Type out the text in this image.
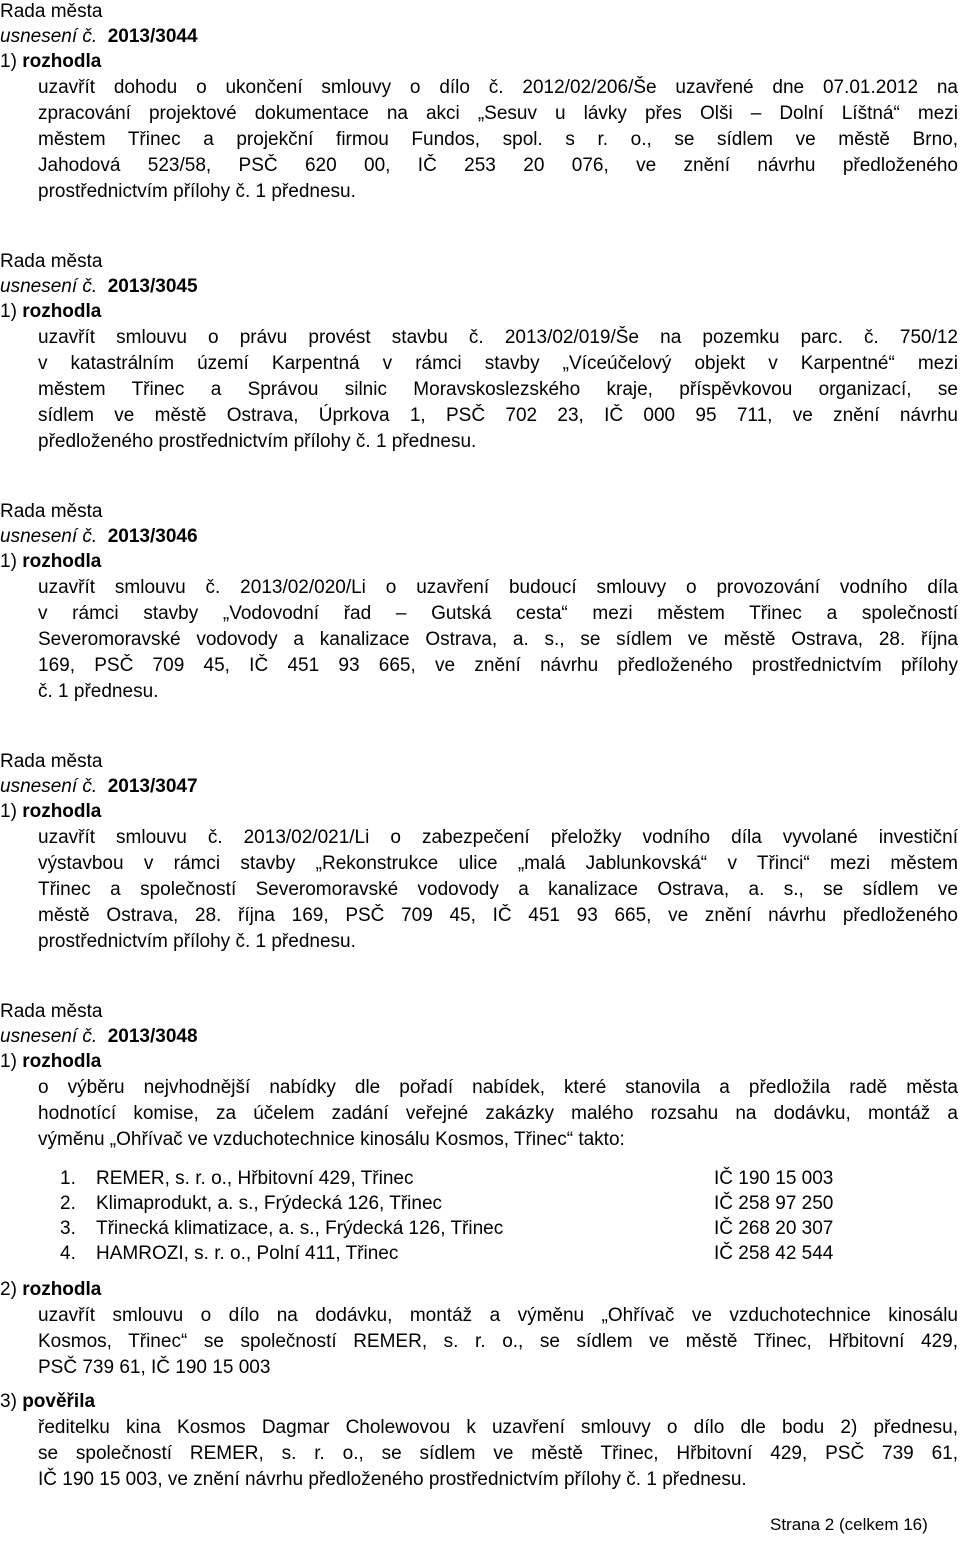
Rada města
usnesení č. 2013/3044
1) rozhodla
uzavřít dohodu o ukončení smlouvy o dílo č. 2012/02/206/Še uzavřené dne 07.01.2012 na
zpracování projektové dokumentace na akci „Sesuv u lávky přes Olši – Dolní Líštná“ mezi
městem Třinec a projekční firmou Fundos, spol. s r. o., se sídlem ve městě Brno,
Jahodová 523/58, PSČ 620 00, IČ 253 20 076, ve znění návrhu předloženého
prostřednictvím přílohy č. 1 přednesu.
Rada města
usnesení č. 2013/3045
1) rozhodla
uzavřít smlouvu o právu provést stavbu č. 2013/02/019/Še na pozemku parc. č. 750/12
v katastrálním území Karpentná v rámci stavby „Víceúčelový objekt v Karpentné“ mezi
městem Třinec a Správou silnic Moravskoslezského kraje, příspěvkovou organizací, se
sídlem ve městě Ostrava, Úprkova 1, PSČ 702 23, IČ 000 95 711, ve znění návrhu
předloženého prostřednictvím přílohy č. 1 přednesu.
Rada města
usnesení č. 2013/3046
1) rozhodla
uzavřít smlouvu č. 2013/02/020/Li o uzavření budoucí smlouvy o provozování vodního díla
v rámci stavby „Vodovodní řad – Gutská cesta“ mezi městem Třinec a společností
Severomoravské vodovody a kanalizace Ostrava, a. s., se sídlem ve městě Ostrava, 28. října
169, PSČ 709 45, IČ 451 93 665, ve znění návrhu předloženého prostřednictvím přílohy
č. 1 přednesu.
Rada města
usnesení č. 2013/3047
1) rozhodla
uzavřít smlouvu č. 2013/02/021/Li o zabezpečení přeložky vodního díla vyvolané investiční
výstavbou v rámci stavby „Rekonstrukce ulice „malá Jablunkovská“ v Třinci“ mezi městem
Třinec a společností Severomoravské vodovody a kanalizace Ostrava, a. s., se sídlem ve
městě Ostrava, 28. října 169, PSČ 709 45, IČ 451 93 665, ve znění návrhu předloženého
prostřednictvím přílohy č. 1 přednesu.
Rada města
usnesení č. 2013/3048
1) rozhodla
o výběru nejvhodnější nabídky dle pořadí nabídek, které stanovila a předložila radě města
hodnotící komise, za účelem zadání veřejné zakázky malého rozsahu na dodávku, montáž a
výměnu „Ohřívač ve vzduchotechnice kinosálu Kosmos, Třinec“ takto:
1. REMER, s. r. o., Hřbitovní 429, Třinec	IČ 190 15 003
2. Klimaprodukt, a. s., Frýdecká 126, Třinec	IČ 258 97 250
3. Třinecká klimatizace, a. s., Frýdecká 126, Třinec	IČ 268 20 307
4. HAMROZI, s. r. o., Polní 411, Třinec	IČ 258 42 544
2) rozhodla
uzavřít smlouvu o dílo na dodávku, montáž a výměnu „Ohřívač ve vzduchotechnice kinosálu
Kosmos, Třinec“ se společností REMER, s. r. o., se sídlem ve městě Třinec, Hřbitovní 429,
PSČ 739 61, IČ 190 15 003
3) pověřila
ředitelku kina Kosmos Dagmar Cholewovou k uzavření smlouvy o dílo dle bodu 2) přednesu,
se společností REMER, s. r. o., se sídlem ve městě Třinec, Hřbitovní 429, PSČ 739 61,
IČ 190 15 003, ve znění návrhu předloženého prostřednictvím přílohy č. 1 přednesu.
Strana 2 (celkem 16)
